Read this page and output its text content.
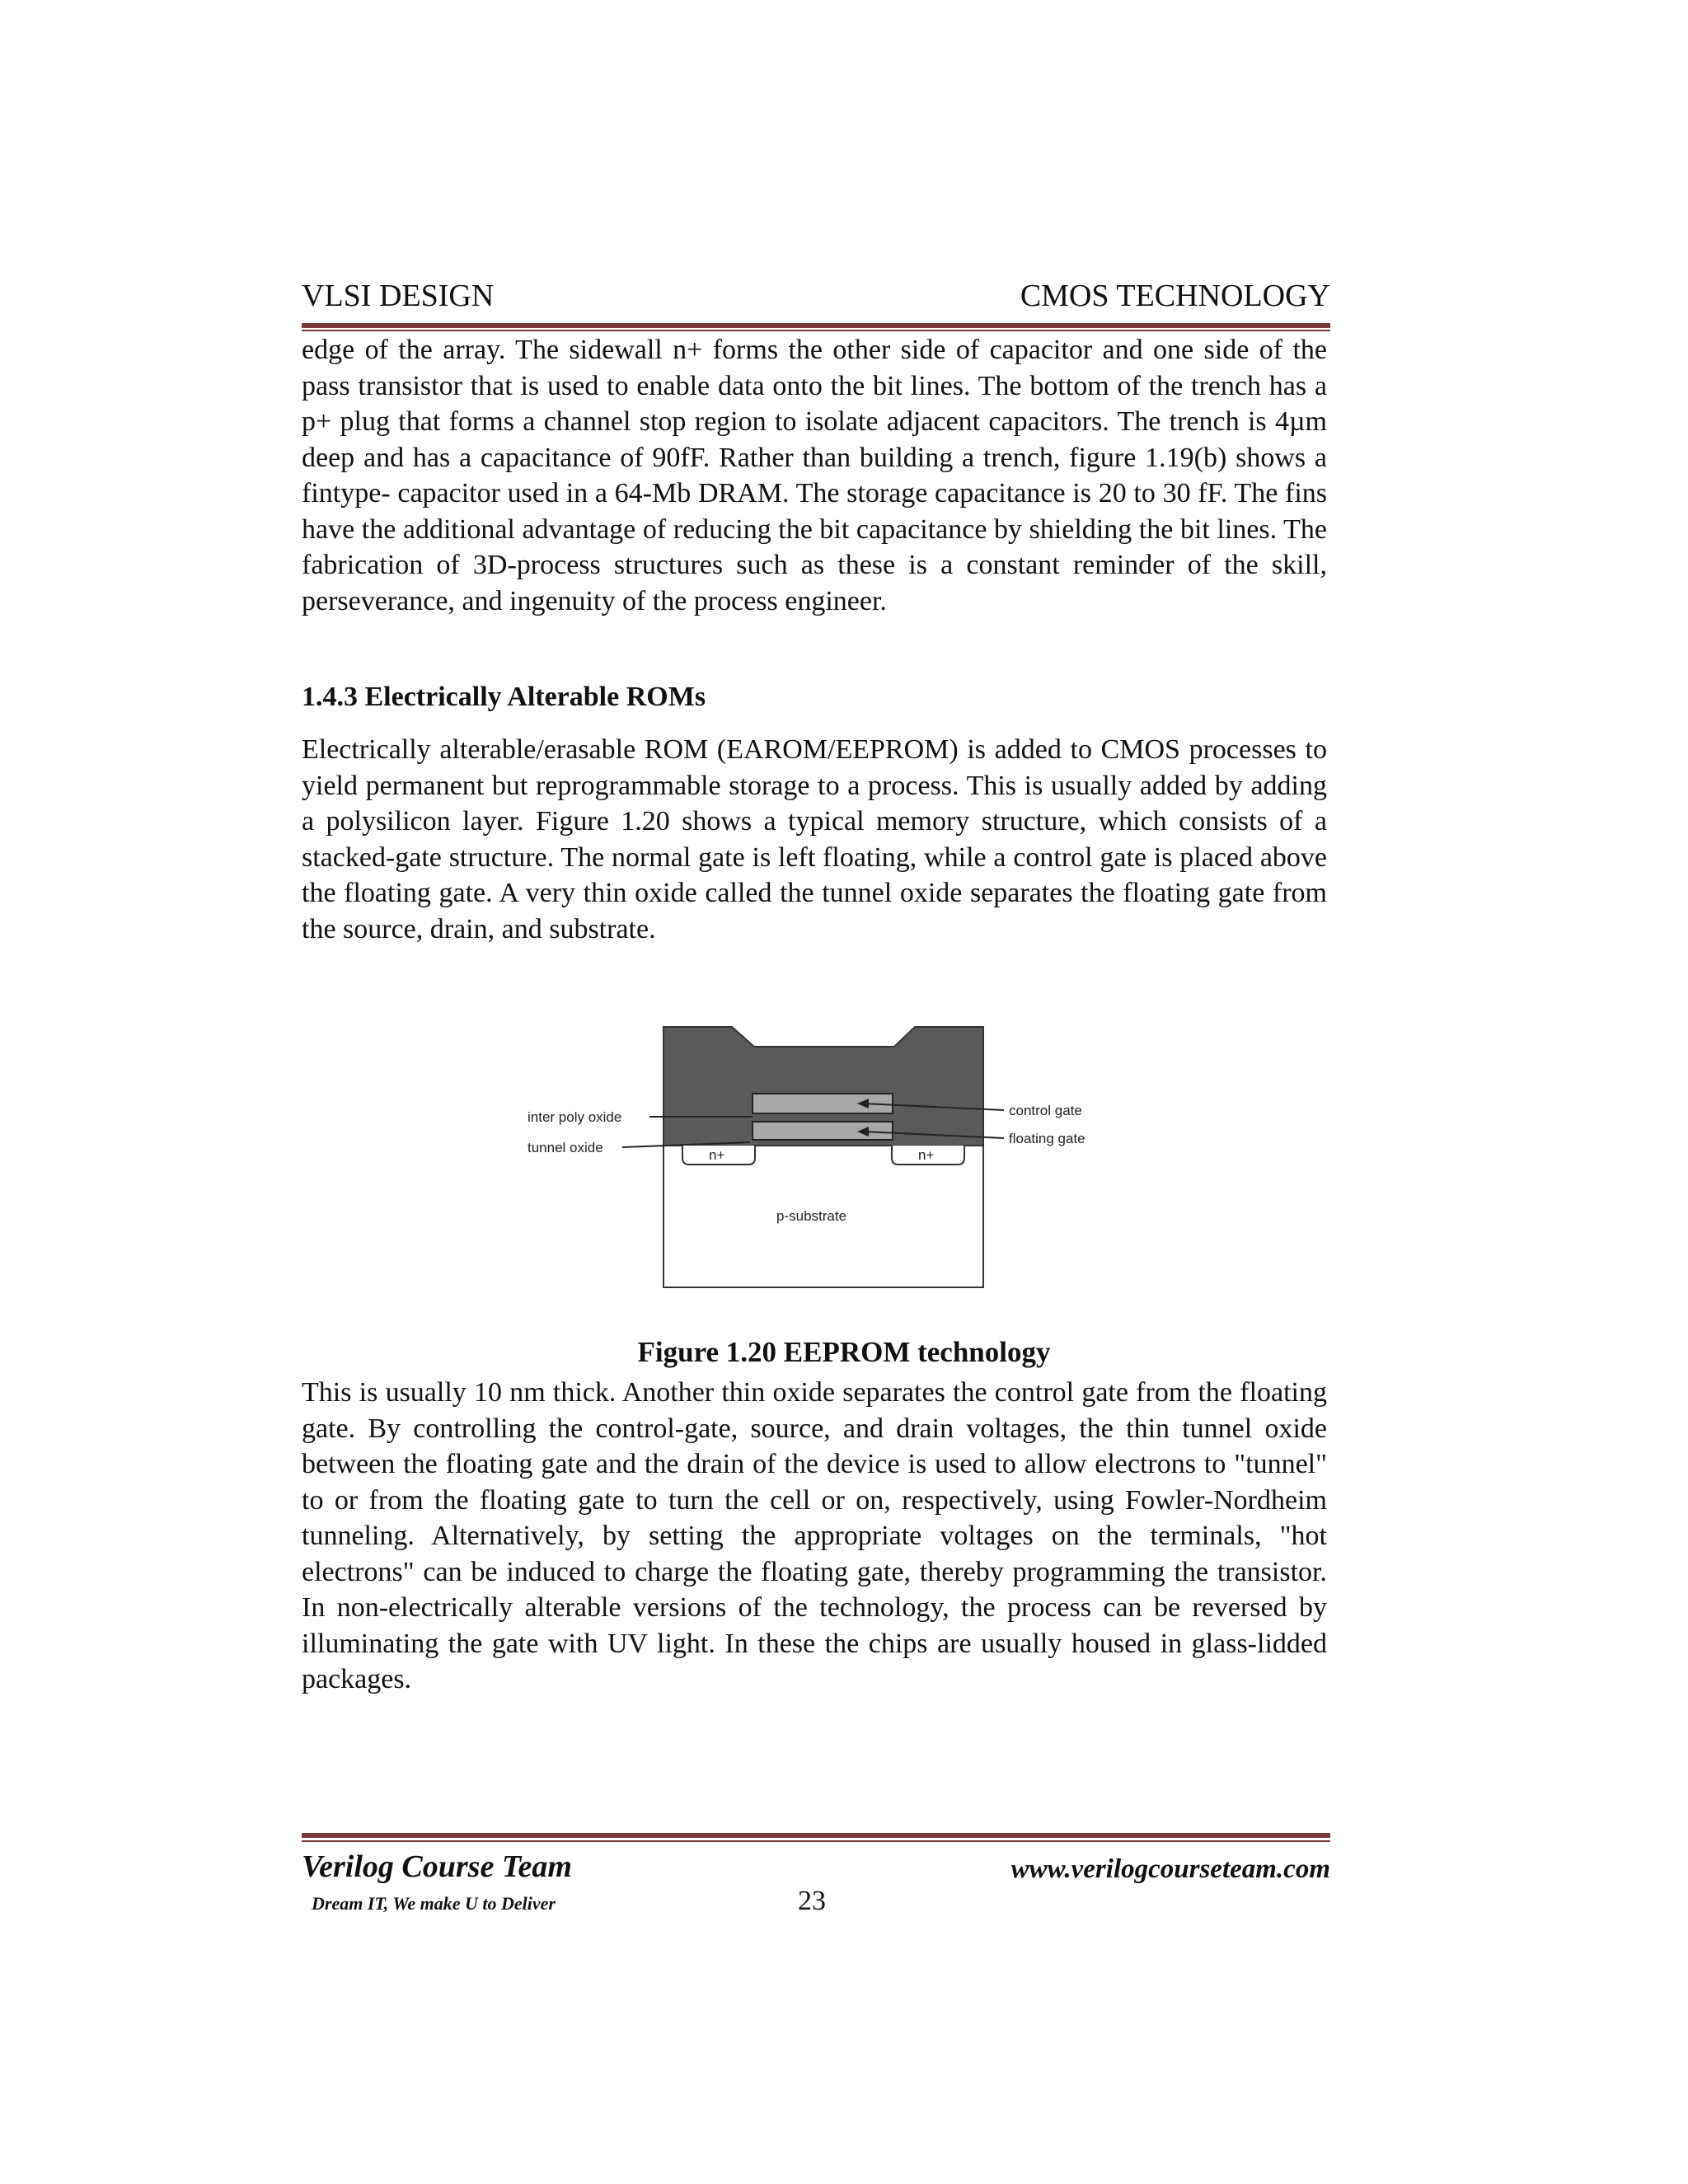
VLSI DESIGN	CMOS TECHNOLOGY
edge of the array. The sidewall n+ forms the other side of capacitor and one side of the pass transistor that is used to enable data onto the bit lines. The bottom of the trench has a p+ plug that forms a channel stop region to isolate adjacent capacitors. The trench is 4µm deep and has a capacitance of 90fF. Rather than building a trench, figure 1.19(b) shows a fintype- capacitor used in a 64-Mb DRAM. The storage capacitance is 20 to 30 fF. The fins have the additional advantage of reducing the bit capacitance by shielding the bit lines. The fabrication of 3D-process structures such as these is a constant reminder of the skill, perseverance, and ingenuity of the process engineer.
1.4.3 Electrically Alterable ROMs
Electrically alterable/erasable ROM (EAROM/EEPROM) is added to CMOS processes to yield permanent but reprogrammable storage to a process. This is usually added by adding a polysilicon layer. Figure 1.20 shows a typical memory structure, which consists of a stacked-gate structure. The normal gate is left floating, while a control gate is placed above the floating gate. A very thin oxide called the tunnel oxide separates the floating gate from the source, drain, and substrate.
n+	n+
p-substrate
inter poly oxide
tunnel oxide
control gate
floating gate
Figure 1.20 EEPROM technology
This is usually 10 nm thick. Another thin oxide separates the control gate from the floating gate. By controlling the control-gate, source, and drain voltages, the thin tunnel oxide between the floating gate and the drain of the device is used to allow electrons to "tunnel" to or from the floating gate to turn the cell or on, respectively, using Fowler-Nordheim tunneling. Alternatively, by setting the appropriate voltages on the terminals, "hot electrons" can be induced to charge the floating gate, thereby programming the transistor. In non-electrically alterable versions of the technology, the process can be reversed by illuminating the gate with UV light. In these the chips are usually housed in glass-lidded packages.
Verilog Course Team	www.verilogcourseteam.com
Dream IT, We make U to Deliver	23
